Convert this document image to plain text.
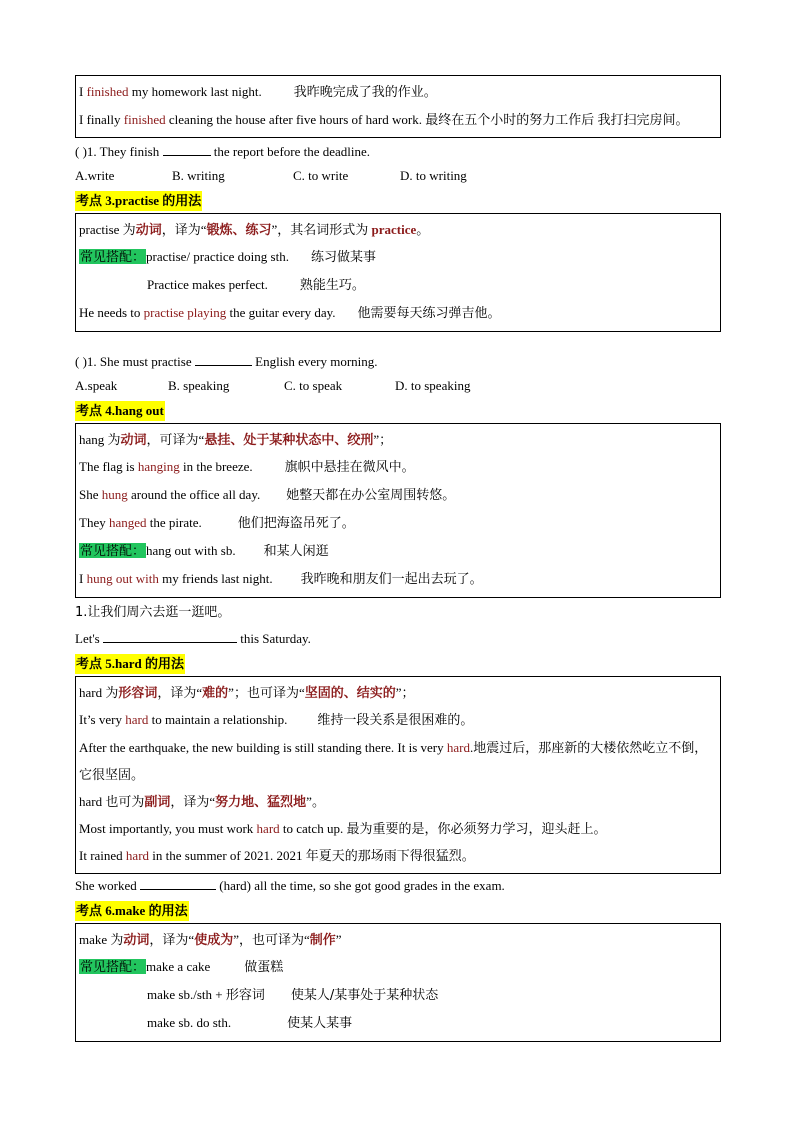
I finished my homework last night. 我昨晚完成了我的作业。
I finally finished cleaning the house after five hours of hard work. 最终在五个小时的努力工作后 我打扫完房间。
( )1. They finish	the report before the deadline.
A.write	B. writing	C. to write	D. to writing
考点 3.practise 的用法
practise 为动词，译为“锻炼、练习”，其名词形式为 practice。
常见搭配：practise/ practice doing sth. 练习做某事
Practice makes perfect. 熟能生巧。
He needs to practise playing the guitar every day. 他需要每天练习弹吉他。
( )1. She must practise	English every morning.
A.speak	B. speaking	C. to speak	D. to speaking
考点 4.hang out
hang 为动词，可译为“悬挂、处于某种状态中、绞刑”；
The flag is hanging in the breeze. 旗帜中悬挂在微风中。
She hung around the office all day. 她整天都在办公室周围转悠。
They hanged the pirate.	他们把海盗吊死了。
常见搭配：hang out with sb. 和某人闲逛
I hung out with my friends last night. 我昨晚和朋友们一起出去玩了。
1.让我们周六去逛一逛吧。
Let's	this Saturday.
考点 5.hard 的用法
hard 为形容词，译为“难的”；也可译为“坚固的、结实的”；
It’s very hard to maintain a relationship. 维持一段关系是很困难的。
After the earthquake, the new building is still standing there. It is very hard.地震过后，那座新的大楼依然屹立不倒，它很坚固。
hard 也可为副词，译为“努力地、猛烈地”。
Most importantly, you must work hard to catch up. 最为重要的是，你必须努力学习，迎头赶上。
It rained hard in the summer of 2021. 2021 年夏天的那场雨下得很猛烈。
She worked	(hard) all the time, so she got good grades in the exam.
考点 6.make 的用法
make 为动词，译为“使成为”，也可译为“制作”
常见搭配：make a cake	做蛋糕
make sb./sth + 形容词 使某人/某事处于某种状态
make sb. do sth.	使某人某事
